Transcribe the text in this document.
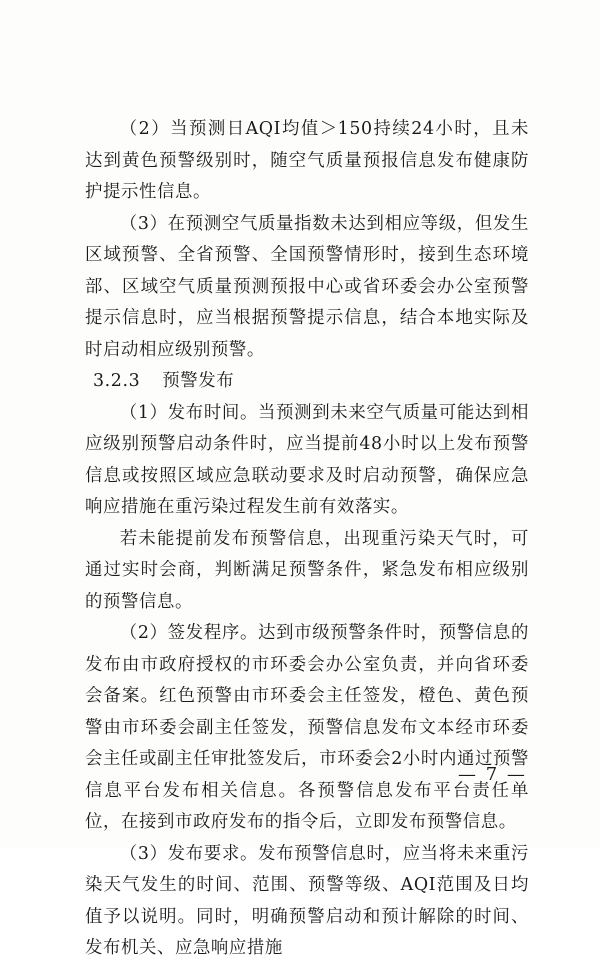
（2）当预测日AQI均值＞150持续24小时，且未达到黄色预警级别时，随空气质量预报信息发布健康防护提示性信息。

（3）在预测空气质量指数未达到相应等级，但发生区域预警、全省预警、全国预警情形时，接到生态环境部、区域空气质量预测预报中心或省环委会办公室预警提示信息时，应当根据预警提示信息，结合本地实际及时启动相应级别预警。

3.2.3 预警发布

（1）发布时间。当预测到未来空气质量可能达到相应级别预警启动条件时，应当提前48小时以上发布预警信息或按照区域应急联动要求及时启动预警，确保应急响应措施在重污染过程发生前有效落实。

若未能提前发布预警信息，出现重污染天气时，可通过实时会商，判断满足预警条件，紧急发布相应级别的预警信息。

（2）签发程序。达到市级预警条件时，预警信息的发布由市政府授权的市环委会办公室负责，并向省环委会备案。红色预警由市环委会主任签发，橙色、黄色预警由市环委会副主任签发，预警信息发布文本经市环委会主任或副主任审批签发后，市环委会2小时内通过预警信息平台发布相关信息。各预警信息发布平台责任单位，在接到市政府发布的指令后，立即发布预警信息。

（3）发布要求。发布预警信息时，应当将未来重污染天气发生的时间、范围、预警等级、AQI范围及日均值予以说明。同时，明确预警启动和预计解除的时间、发布机关、应急响应措施

— 7 —
